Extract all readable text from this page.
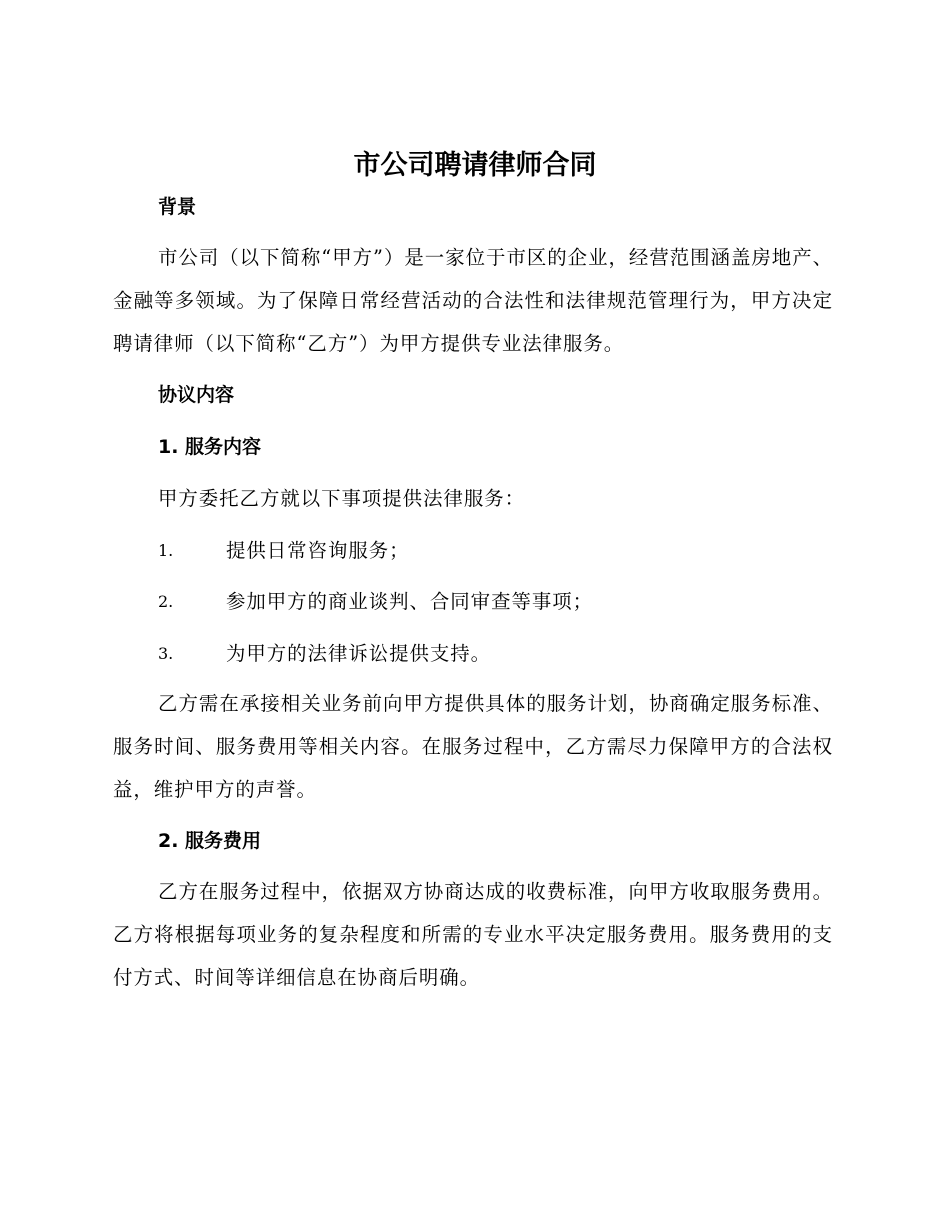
市公司聘请律师合同
背景
市公司（以下简称“甲方”）是一家位于市区的企业，经营范围涵盖房地产、金融等多领域。为了保障日常经营活动的合法性和法律规范管理行为，甲方决定聘请律师（以下简称“乙方”）为甲方提供专业法律服务。
协议内容
1. 服务内容
甲方委托乙方就以下事项提供法律服务：
1.	提供日常咨询服务；
2.	参加甲方的商业谈判、合同审查等事项；
3.	为甲方的法律诉讼提供支持。
乙方需在承接相关业务前向甲方提供具体的服务计划，协商确定服务标准、服务时间、服务费用等相关内容。在服务过程中，乙方需尽力保障甲方的合法权益，维护甲方的声誉。
2. 服务费用
乙方在服务过程中，依据双方协商达成的收费标准，向甲方收取服务费用。乙方将根据每项业务的复杂程度和所需的专业水平决定服务费用。服务费用的支付方式、时间等详细信息在协商后明确。
